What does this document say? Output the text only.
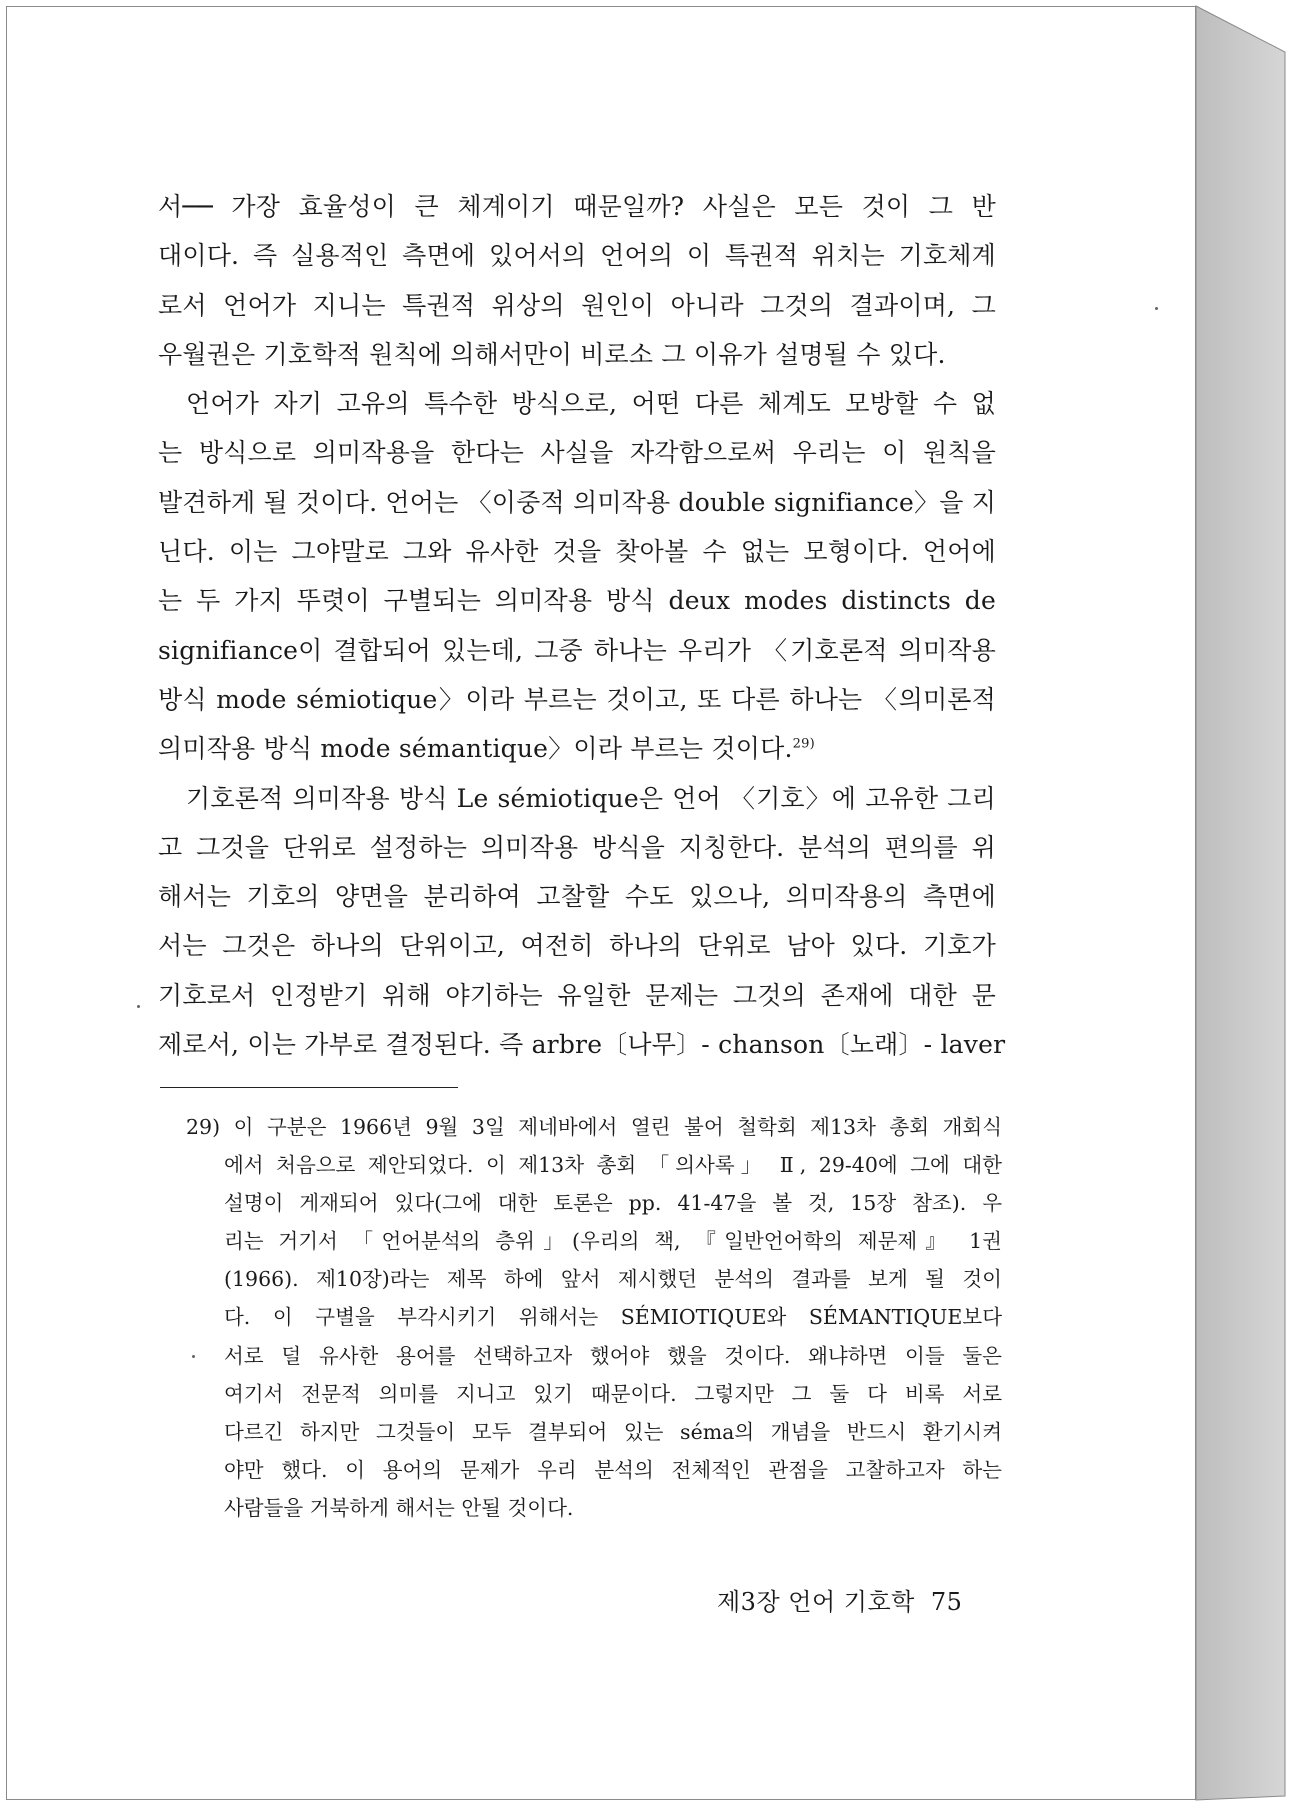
서── 가장 효율성이 큰 체계이기 때문일까? 사실은 모든 것이 그 반
대이다. 즉 실용적인 측면에 있어서의 언어의 이 특권적 위치는 기호체계
로서 언어가 지니는 특권적 위상의 원인이 아니라 그것의 결과이며, 그
우월권은 기호학적 원칙에 의해서만이 비로소 그 이유가 설명될 수 있다.
언어가 자기 고유의 특수한 방식으로, 어떤 다른 체계도 모방할 수 없
는 방식으로 의미작용을 한다는 사실을 자각함으로써 우리는 이 원칙을
발견하게 될 것이다. 언어는 〈이중적 의미작용 double signifiance〉을 지
닌다. 이는 그야말로 그와 유사한 것을 찾아볼 수 없는 모형이다. 언어에
는 두 가지 뚜렷이 구별되는 의미작용 방식 deux modes distincts de
signifiance이 결합되어 있는데, 그중 하나는 우리가 〈기호론적 의미작용
방식 mode sémiotique〉이라 부르는 것이고, 또 다른 하나는 〈의미론적
의미작용 방식 mode sémantique〉이라 부르는 것이다.$^{29)}$
기호론적 의미작용 방식 Le sémiotique은 언어 〈기호〉에 고유한 그리
고 그것을 단위로 설정하는 의미작용 방식을 지칭한다. 분석의 편의를 위
해서는 기호의 양면을 분리하여 고찰할 수도 있으나, 의미작용의 측면에
서는 그것은 하나의 단위이고, 여전히 하나의 단위로 남아 있다. 기호가
기호로서 인정받기 위해 야기하는 유일한 문제는 그것의 존재에 대한 문
제로서, 이는 가부로 결정된다. 즉 arbre〔나무〕- chanson〔노래〕- laver
29) 이 구분은 1966년 9월 3일 제네바에서 열린 불어 철학회 제13차 총회 개회식
에서 처음으로 제안되었다. 이 제13차 총회 「의사록」 Ⅱ, 29-40에 그에 대한
설명이 게재되어 있다(그에 대한 토론은 pp. 41-47을 볼 것, 15장 참조). 우
리는 거기서 「언어분석의 층위」(우리의 책, 『일반언어학의 제문제』 1권
(1966). 제10장)라는 제목 하에 앞서 제시했던 분석의 결과를 보게 될 것이
다. 이 구별을 부각시키기 위해서는 SÉMIOTIQUE와 SÉMANTIQUE보다
서로 덜 유사한 용어를 선택하고자 했어야 했을 것이다. 왜냐하면 이들 둘은
여기서 전문적 의미를 지니고 있기 때문이다. 그렇지만 그 둘 다 비록 서로
다르긴 하지만 그것들이 모두 결부되어 있는 séma의 개념을 반드시 환기시켜
야만 했다. 이 용어의 문제가 우리 분석의 전체적인 관점을 고찰하고자 하는
사람들을 거북하게 해서는 안될 것이다.
제3장 언어 기호학 75
